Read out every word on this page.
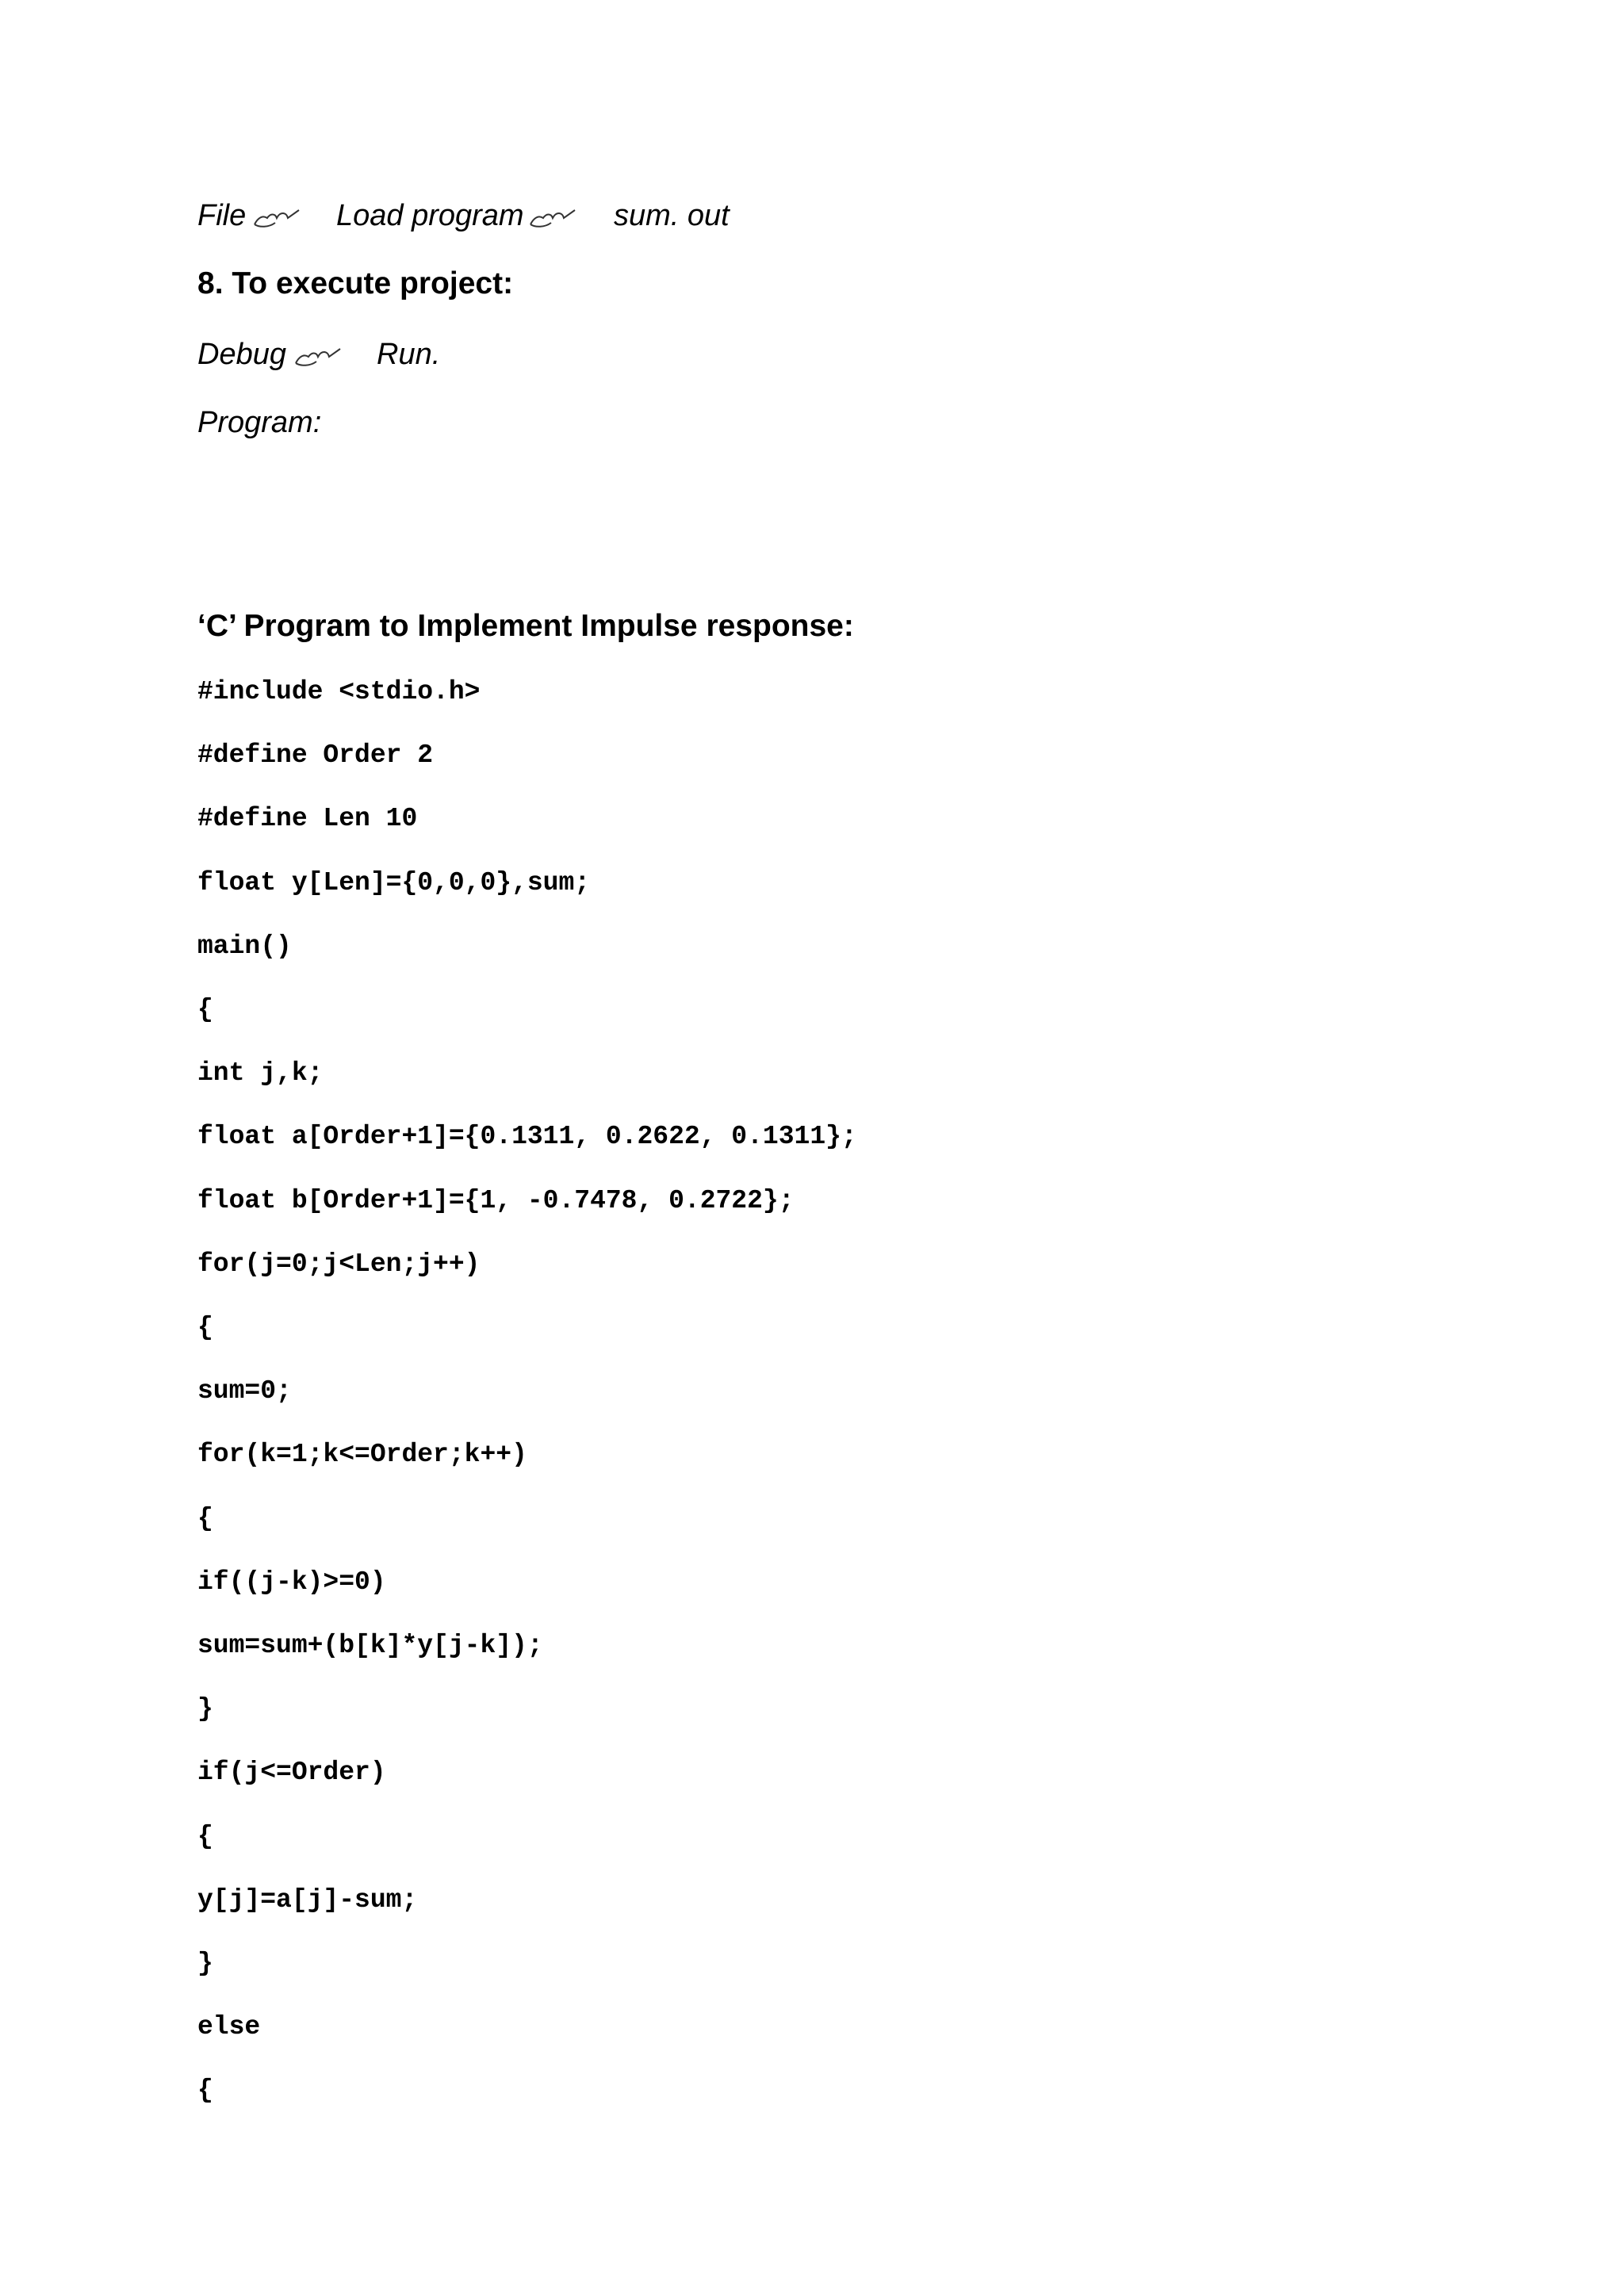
File

	Load program

	sum. out

8. To execute project:

Debug

	Run.

Program:
‘C’ Program to Implement Impulse response:
#include <stdio.h>
#define Order 2
#define Len 10
float y[Len]={0,0,0},sum;
main()
{
int j,k;
float a[Order+1]={0.1311, 0.2622, 0.1311};
float b[Order+1]={1, -0.7478, 0.2722};
for(j=0;j<Len;j++)
{
sum=0;
for(k=1;k<=Order;k++)
{
if((j-k)>=0)
sum=sum+(b[k]*y[j-k]);
}
if(j<=Order)
{
y[j]=a[j]-sum;
}
else
{
